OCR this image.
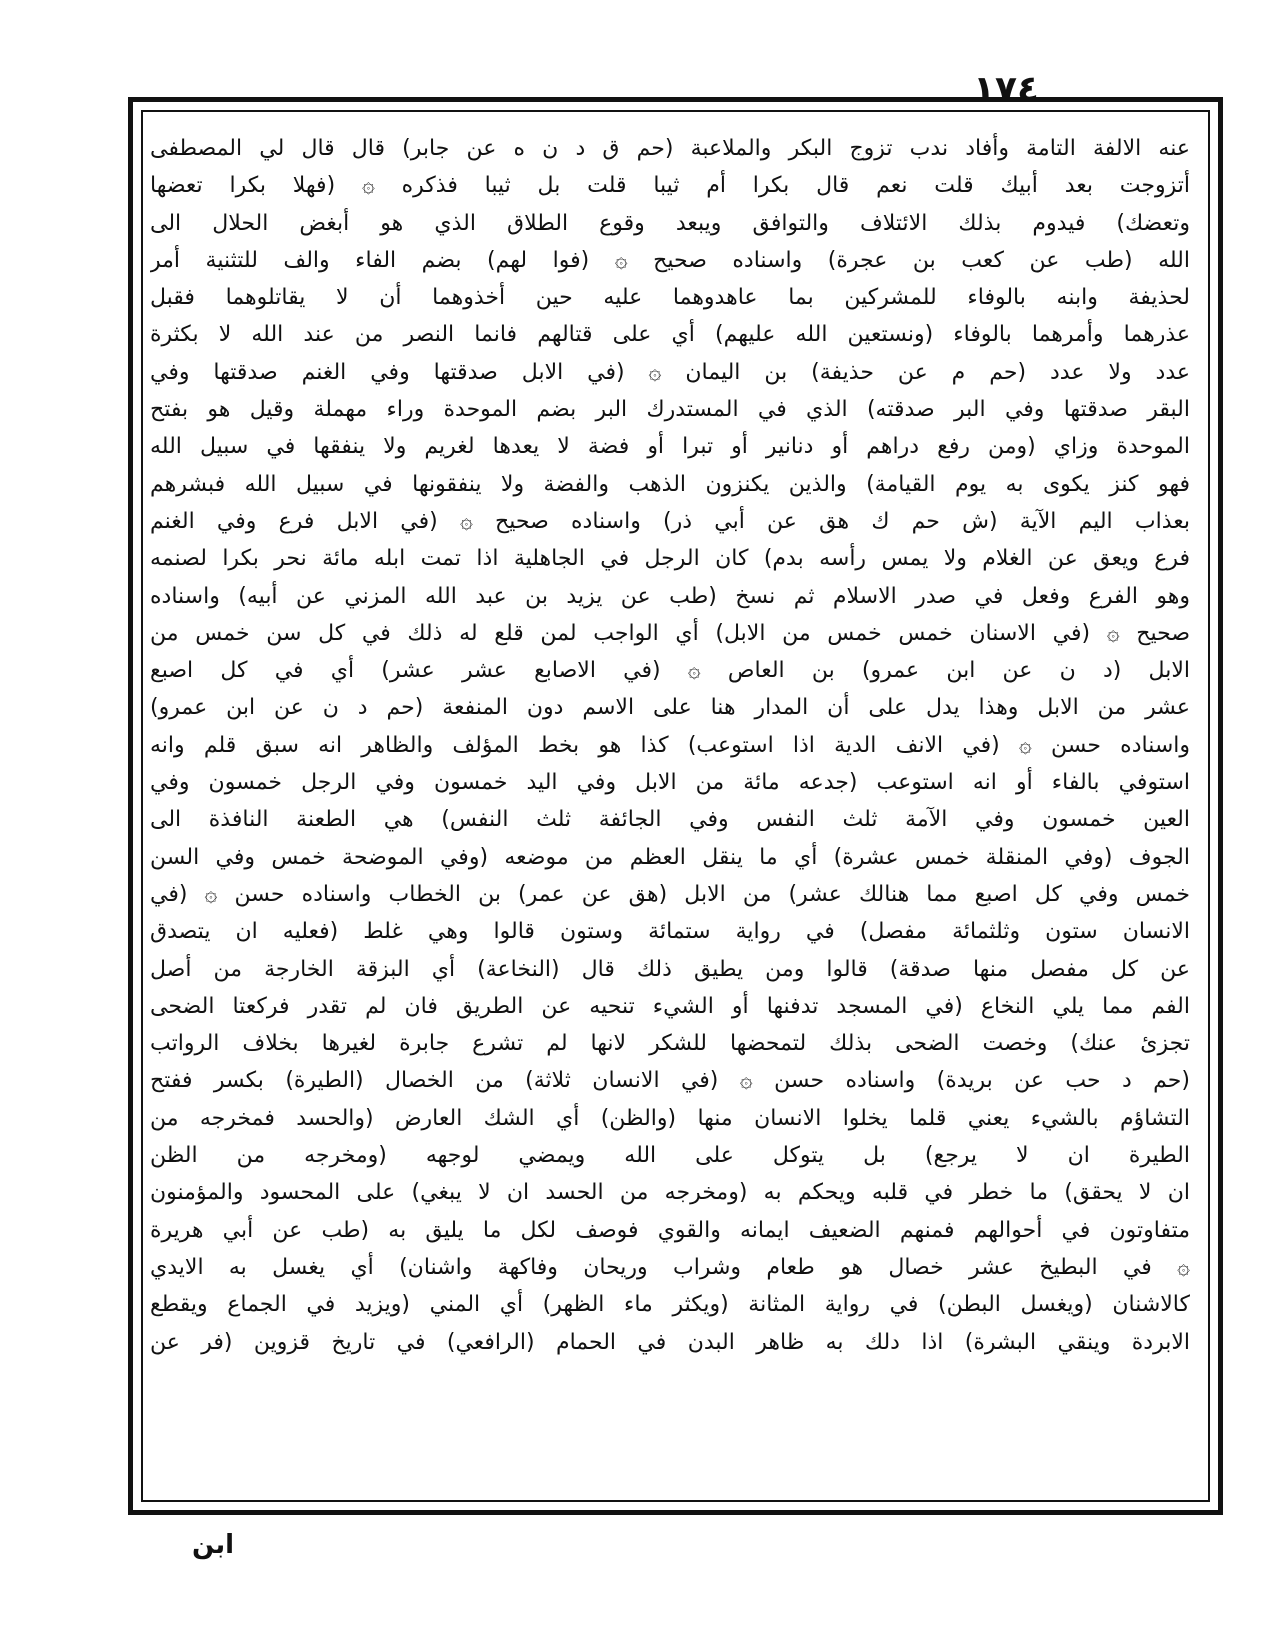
١٧٤
عنه الالفة التامة وأفاد ندب تزوج البكر والملاعبة (حم ق د ن ه عن جابر) قال قال لي المصطفى
أتزوجت بعد أبيك قلت نعم قال بكرا أم ثيبا قلت بل ثيبا فذكره ۞ (فهلا بكرا تعضها
وتعضك) فيدوم بذلك الائتلاف والتوافق ويبعد وقوع الطلاق الذي هو أبغض الحلال الى
الله (طب عن كعب بن عجرة) واسناده صحيح ۞ (فوا لهم) بضم الفاء والف للتثنية أمر
لحذيفة وابنه بالوفاء للمشركين بما عاهدوهما عليه حين أخذوهما أن لا يقاتلوهما فقبل
عذرهما وأمرهما بالوفاء (ونستعين الله عليهم) أي على قتالهم فانما النصر من عند الله لا بكثرة
عدد ولا عدد (حم م عن حذيفة) بن اليمان ۞ (في الابل صدقتها وفي الغنم صدقتها وفي
البقر صدقتها وفي البر صدقته) الذي في المستدرك البر بضم الموحدة وراء مهملة وقيل هو بفتح
الموحدة وزاي (ومن رفع دراهم أو دنانير أو تبرا أو فضة لا يعدها لغريم ولا ينفقها في سبيل الله
فهو كنز يكوى به يوم القيامة) والذين يكنزون الذهب والفضة ولا ينفقونها في سبيل الله فبشرهم
بعذاب اليم الآية (ش حم ك هق عن أبي ذر) واسناده صحيح ۞ (في الابل فرع وفي الغنم
فرع ويعق عن الغلام ولا يمس رأسه بدم) كان الرجل في الجاهلية اذا تمت ابله مائة نحر بكرا لصنمه
وهو الفرع وفعل في صدر الاسلام ثم نسخ (طب عن يزيد بن عبد الله المزني عن أبيه) واسناده
صحيح ۞ (في الاسنان خمس خمس من الابل) أي الواجب لمن قلع له ذلك في كل سن خمس من
الابل (د ن عن ابن عمرو) بن العاص ۞ (في الاصابع عشر عشر) أي في كل اصبع
عشر من الابل وهذا يدل على أن المدار هنا على الاسم دون المنفعة (حم د ن عن ابن عمرو)
واسناده حسن ۞ (في الانف الدية اذا استوعب) كذا هو بخط المؤلف والظاهر انه سبق قلم وانه
استوفي بالفاء أو انه استوعب (جدعه مائة من الابل وفي اليد خمسون وفي الرجل خمسون وفي
العين خمسون وفي الآمة ثلث النفس وفي الجائفة ثلث النفس) هي الطعنة النافذة الى
الجوف (وفي المنقلة خمس عشرة) أي ما ينقل العظم من موضعه (وفي الموضحة خمس وفي السن
خمس وفي كل اصبع مما هنالك عشر) من الابل (هق عن عمر) بن الخطاب واسناده حسن ۞ (في
الانسان ستون وثلثمائة مفصل) في رواية ستمائة وستون قالوا وهي غلط (فعليه ان يتصدق
عن كل مفصل منها صدقة) قالوا ومن يطيق ذلك قال (النخاعة) أي البزقة الخارجة من أصل
الفم مما يلي النخاع (في المسجد تدفنها أو الشيء تنحيه عن الطريق فان لم تقدر فركعتا الضحى
تجزئ عنك) وخصت الضحى بذلك لتمحضها للشكر لانها لم تشرع جابرة لغيرها بخلاف الرواتب
(حم د حب عن بريدة) واسناده حسن ۞ (في الانسان ثلاثة) من الخصال (الطيرة) بكسر ففتح
التشاؤم بالشيء يعني قلما يخلوا الانسان منها (والظن) أي الشك العارض (والحسد فمخرجه من
الطيرة ان لا يرجع) بل يتوكل على الله ويمضي لوجهه (ومخرجه من الظن
ان لا يحقق) ما خطر في قلبه ويحكم به (ومخرجه من الحسد ان لا يبغي) على المحسود والمؤمنون
متفاوتون في أحوالهم فمنهم الضعيف ايمانه والقوي فوصف لكل ما يليق به (طب عن أبي هريرة
۞ في البطيخ عشر خصال هو طعام وشراب وريحان وفاكهة واشنان) أي يغسل به الايدي
كالاشنان (ويغسل البطن) في رواية المثانة (ويكثر ماء الظهر) أي المني (ويزيد في الجماع ويقطع
الابردة وينقي البشرة) اذا دلك به ظاهر البدن في الحمام (الرافعي) في تاريخ قزوين (فر عن
ابن
